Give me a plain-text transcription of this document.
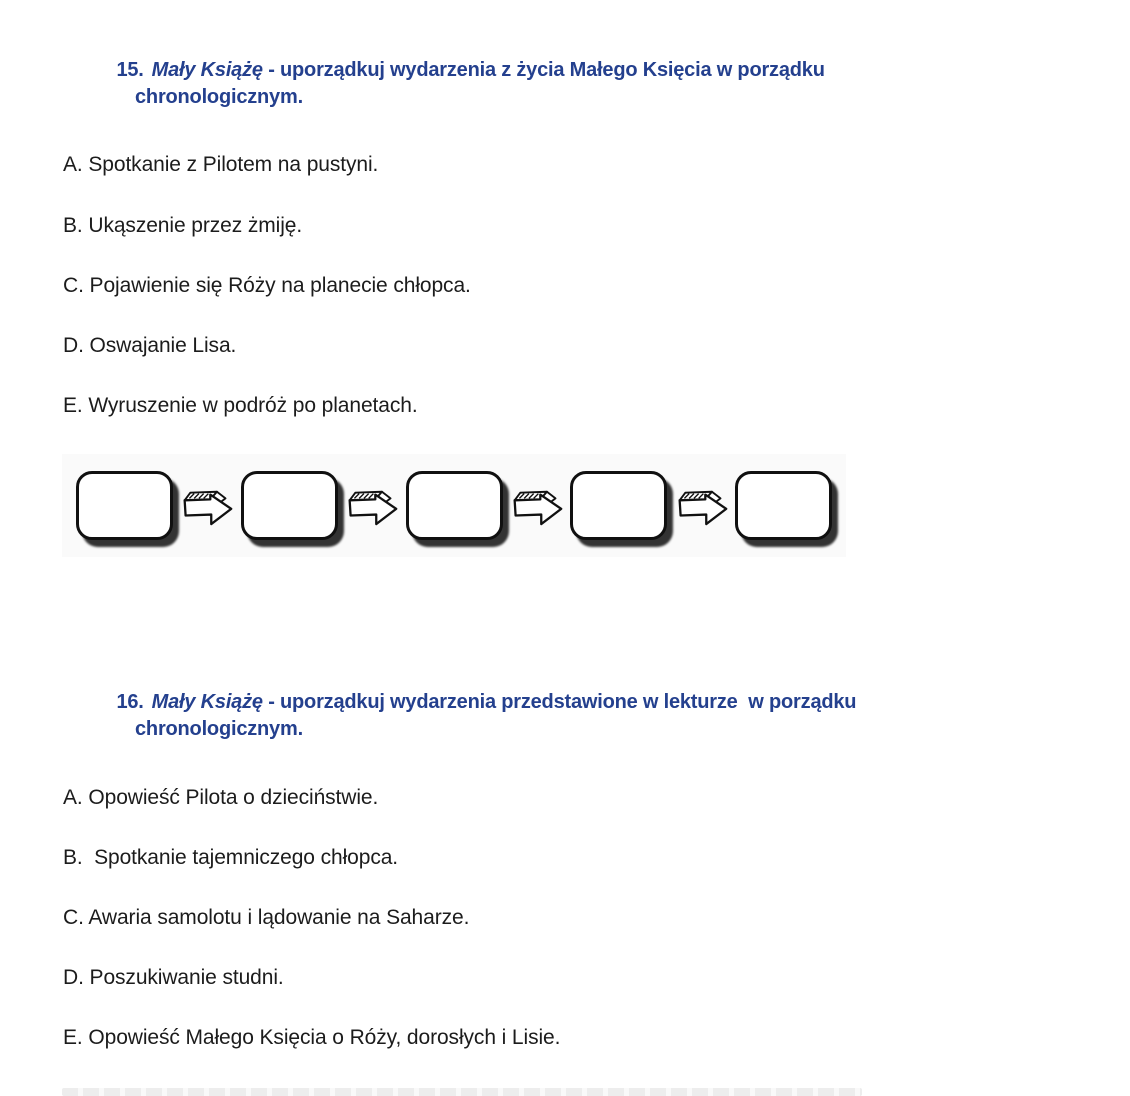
15. Mały Książę - uporządkuj wydarzenia z życia Małego Księcia w porządku

chronologicznym.
A. Spotkanie z Pilotem na pustyni.
B. Ukąszenie przez żmiję.
C. Pojawienie się Róży na planecie chłopca.
D. Oswajanie Lisa.
E. Wyruszenie w podróż po planetach.

16. Mały Książę - uporządkuj wydarzenia przedstawione w lekturze  w porządku

chronologicznym.
A. Opowieść Pilota o dzieciństwie.
B.  Spotkanie tajemniczego chłopca.
C. Awaria samolotu i lądowanie na Saharze.
D. Poszukiwanie studni.
E. Opowieść Małego Księcia o Róży, dorosłych i Lisie.
